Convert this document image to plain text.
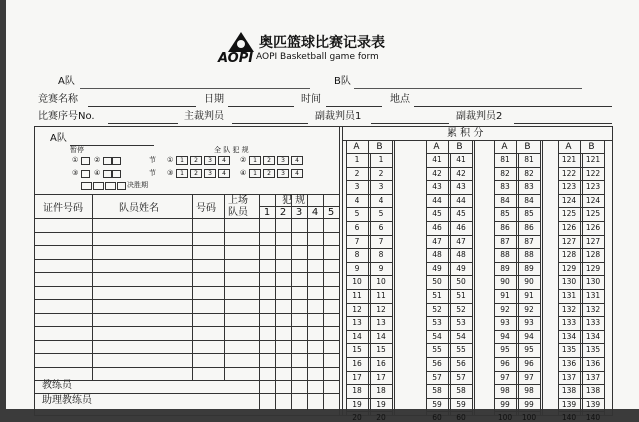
AOPI
奥匹篮球比赛记录表
AOPI Basketball game form
A队	B队
竞赛名称	日期	时间	地点
比赛序号No.	主裁判员	副裁判员1	副裁判员2
A队
暂停	全 队 犯 规
决胜期
证件号码	队员姓名	号码
上场
队员
犯 规
教练员
助理教练员
累 积 分
① ②	节 ①	1	2	3	4	②	1	2	3	4
③ ④	节 ③	1	2	3	4	④	1	2	3	4
1 2 3 4 5
A	B
1	1
2	2
3	3
4	4
5	5
6	6
7	7
8	8
9	9
10	10
11	11
12	12
13	13
14	14
15	15
16	16
17	17
18	18
19	19
20	20
A	B
41	41
42	42
43	43
44	44
45	45
46	46
47	47
48	48
49	49
50	50
51	51
52	52
53	53
54	54
55	55
56	56
57	57
58	58
59	59
60	60
A	B
81	81
82	82
83	83
84	84
85	85
86	86
87	87
88	88
89	89
90	90
91	91
92	92
93	93
94	94
95	95
96	96
97	97
98	98
99	99
100	100
A	B
121	121
122	122
123	123
124	124
125	125
126	126
127	127
128	128
129	129
130	130
131	131
132	132
133	133
134	134
135	135
136	136
137	137
138	138
139	139
140	140
